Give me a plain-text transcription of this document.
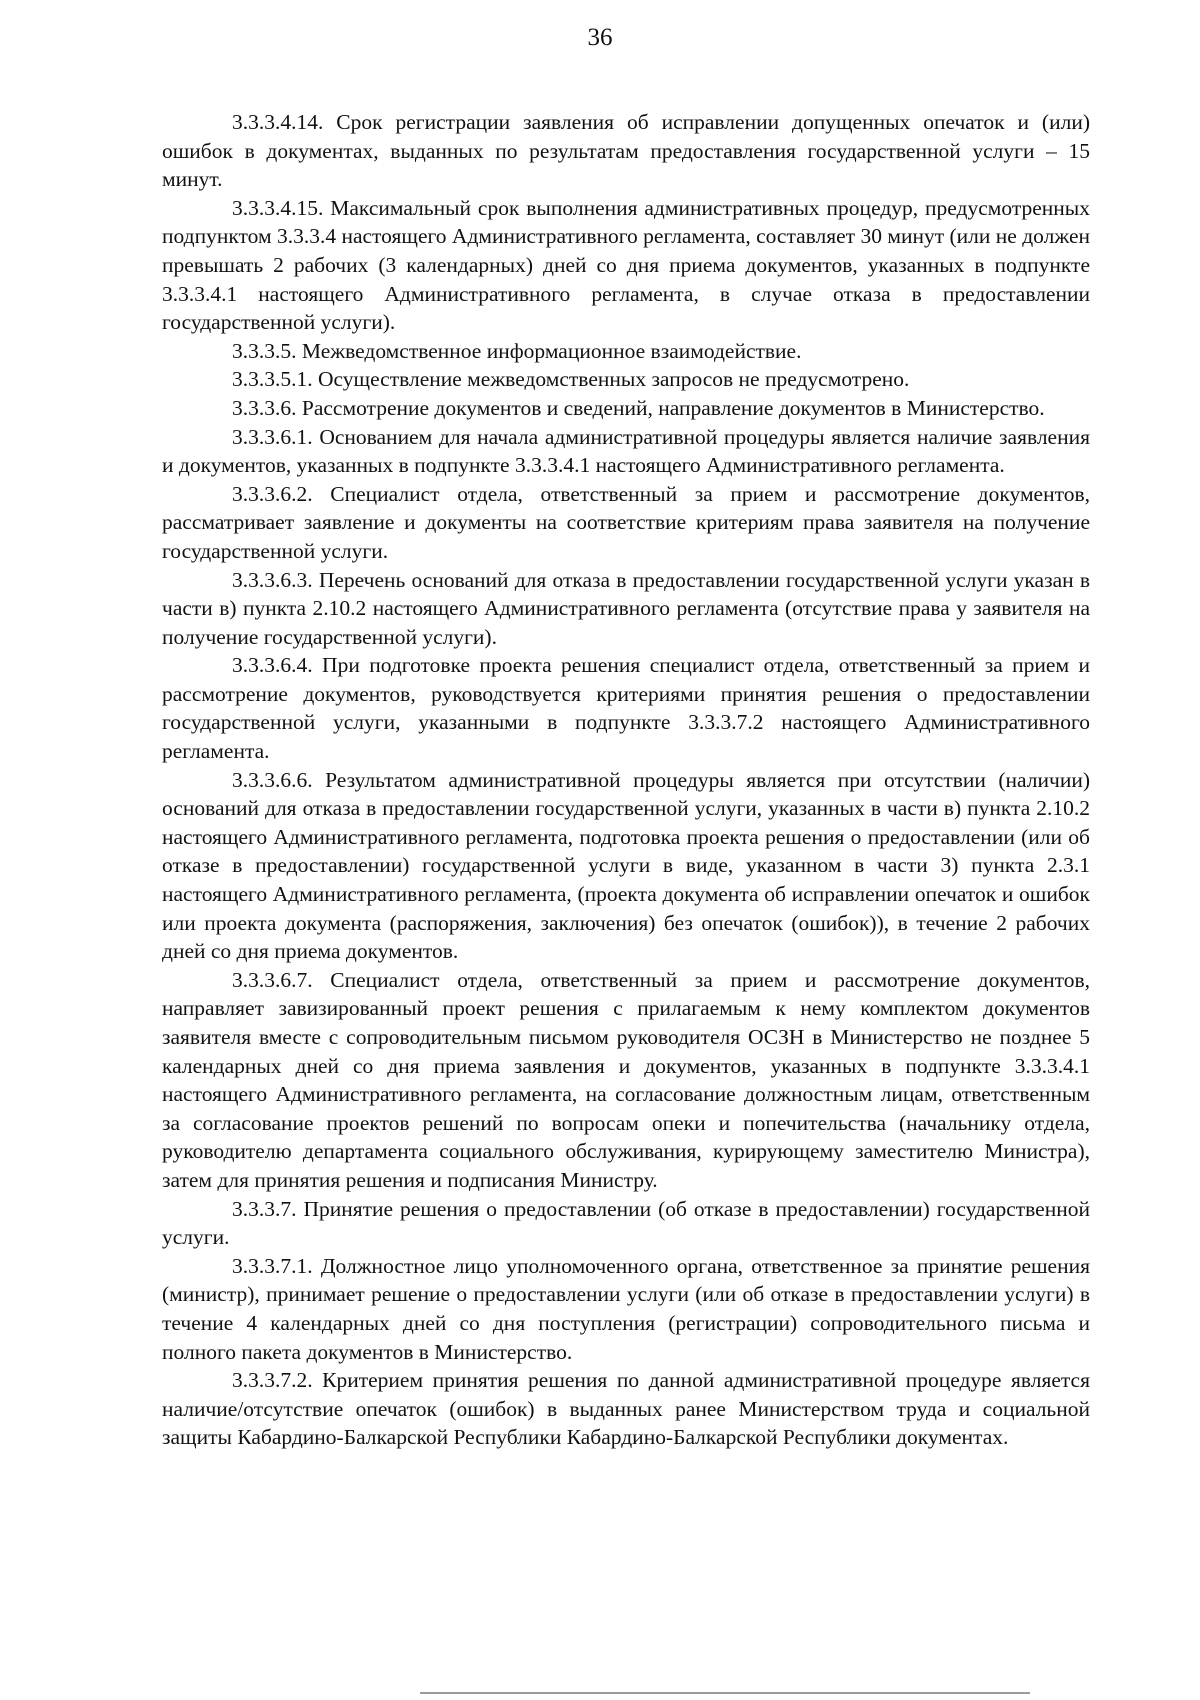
36

3.3.3.4.14. Срок регистрации заявления об исправлении допущенных опечаток и (или) ошибок в документах, выданных по результатам предоставления государственной услуги – 15 минут.

3.3.3.4.15. Максимальный срок выполнения административных процедур, предусмотренных подпунктом 3.3.3.4 настоящего Административного регламента, составляет 30 минут (или не должен превышать 2 рабочих (3 календарных) дней со дня приема документов, указанных в подпункте 3.3.3.4.1 настоящего Административного регламента, в случае отказа в предоставлении государственной услуги).

3.3.3.5. Межведомственное информационное взаимодействие.

3.3.3.5.1. Осуществление межведомственных запросов не предусмотрено.

3.3.3.6. Рассмотрение документов и сведений, направление документов в Министерство.

3.3.3.6.1. Основанием для начала административной процедуры является наличие заявления и документов, указанных в подпункте 3.3.3.4.1 настоящего Административного регламента.

3.3.3.6.2. Специалист отдела, ответственный за прием и рассмотрение документов, рассматривает заявление и документы на соответствие критериям права заявителя на получение государственной услуги.

3.3.3.6.3. Перечень оснований для отказа в предоставлении государственной услуги указан в части в) пункта 2.10.2 настоящего Административного регламента (отсутствие права у заявителя на получение государственной услуги).

3.3.3.6.4. При подготовке проекта решения специалист отдела, ответственный за прием и рассмотрение документов, руководствуется критериями принятия решения о предоставлении государственной услуги, указанными в подпункте 3.3.3.7.2 настоящего Административного регламента.

3.3.3.6.6. Результатом административной процедуры является при отсутствии (наличии) оснований для отказа в предоставлении государственной услуги, указанных в части в) пункта 2.10.2 настоящего Административного регламента, подготовка проекта решения о предоставлении (или об отказе в предоставлении) государственной услуги в виде, указанном в части 3) пункта 2.3.1 настоящего Административного регламента, (проекта документа об исправлении опечаток и ошибок или проекта документа (распоряжения, заключения) без опечаток (ошибок)), в течение 2 рабочих дней со дня приема документов.

3.3.3.6.7. Специалист отдела, ответственный за прием и рассмотрение документов, направляет завизированный проект решения с прилагаемым к нему комплектом документов заявителя вместе с сопроводительным письмом руководителя ОСЗН в Министерство не позднее 5 календарных дней со дня приема заявления и документов, указанных в подпункте 3.3.3.4.1 настоящего Административного регламента, на согласование должностным лицам, ответственным за согласование проектов решений по вопросам опеки и попечительства (начальнику отдела, руководителю департамента социального обслуживания, курирующему заместителю Министра), затем для принятия решения и подписания Министру.

3.3.3.7. Принятие решения о предоставлении (об отказе в предоставлении) государственной услуги.

3.3.3.7.1. Должностное лицо уполномоченного органа, ответственное за принятие решения (министр), принимает решение о предоставлении услуги (или об отказе в предоставлении услуги) в течение 4 календарных дней со дня поступления (регистрации) сопроводительного письма и полного пакета документов в Министерство.

3.3.3.7.2. Критерием принятия решения по данной административной процедуре является наличие/отсутствие опечаток (ошибок) в выданных ранее Министерством труда и социальной защиты Кабардино-Балкарской Республики Кабардино-Балкарской Республики документах.
